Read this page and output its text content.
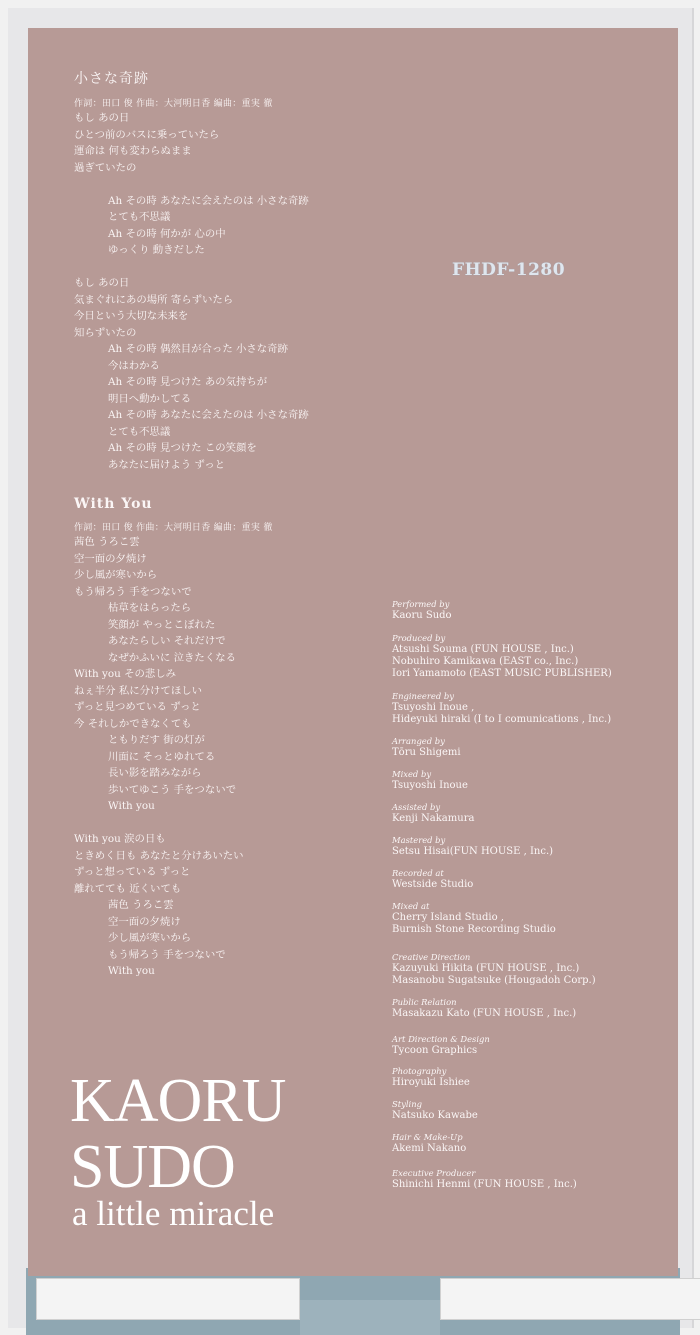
小さな奇跡
作詞：田口 俊 作曲：大河明日香 編曲：重実 徹
もし あの日
ひとつ前のバスに乗っていたら
運命は 何も変わらぬまま
過ぎていたの
Ah その時 あなたに会えたのは 小さな奇跡
とても不思議
Ah その時 何かが 心の中
ゆっくり 動きだした
もし あの日
気まぐれにあの場所 寄らずいたら
今日という大切な未来を
知らずいたの
Ah その時 偶然目が合った 小さな奇跡
今はわかる
Ah その時 見つけた あの気持ちが
明日へ動かしてる
Ah その時 あなたに会えたのは 小さな奇跡
とても不思議
Ah その時 見つけた この笑顔を
あなたに届けよう ずっと
FHDF-1280
With You
作詞：田口 俊 作曲：大河明日香 編曲：重実 徹
茜色 うろこ雲
空一面の夕焼け
少し風が寒いから
もう帰ろう 手をつないで
枯草をはらったら
笑顔が やっとこぼれた
あなたらしい それだけで
なぜかふいに 泣きたくなる
With you その悲しみ
ねぇ半分 私に分けてほしい
ずっと見つめている ずっと
今 それしかできなくても
ともりだす 街の灯が
川面に そっとゆれてる
長い影を踏みながら
歩いてゆこう 手をつないで
With you
With you 涙の日も
ときめく日も あなたと分けあいたい
ずっと想っている ずっと
離れてても 近くいても
茜色 うろこ雲
空一面の夕焼け
少し風が寒いから
もう帰ろう 手をつないで
With you
Performed by
Kaoru Sudo
Produced by
Atsushi Souma (FUN HOUSE , Inc.)
Nobuhiro Kamikawa (EAST co., Inc.)
Iori Yamamoto (EAST MUSIC PUBLISHER)
Engineered by
Tsuyoshi Inoue ,
Hideyuki hiraki (I to I comunications , Inc.)
Arranged by
Tōru Shigemi
Mixed by
Tsuyoshi Inoue
Assisted by
Kenji Nakamura
Mastered by
Setsu Hisai(FUN HOUSE , Inc.)
Recorded at
Westside Studio
Mixed at
Cherry Island Studio ,
Burnish Stone Recording Studio
Creative Direction
Kazuyuki Hikita (FUN HOUSE , Inc.)
Masanobu Sugatsuke (Hougadoh Corp.)
Public Relation
Masakazu Kato (FUN HOUSE , Inc.)
Art Direction & Design
Tycoon Graphics
Photography
Hiroyuki Ishiee
Styling
Natsuko Kawabe
Hair & Make-Up
Akemi Nakano
Executive Producer
Shinichi Henmi (FUN HOUSE , Inc.)
KAORU
SUDO
a little miracle
